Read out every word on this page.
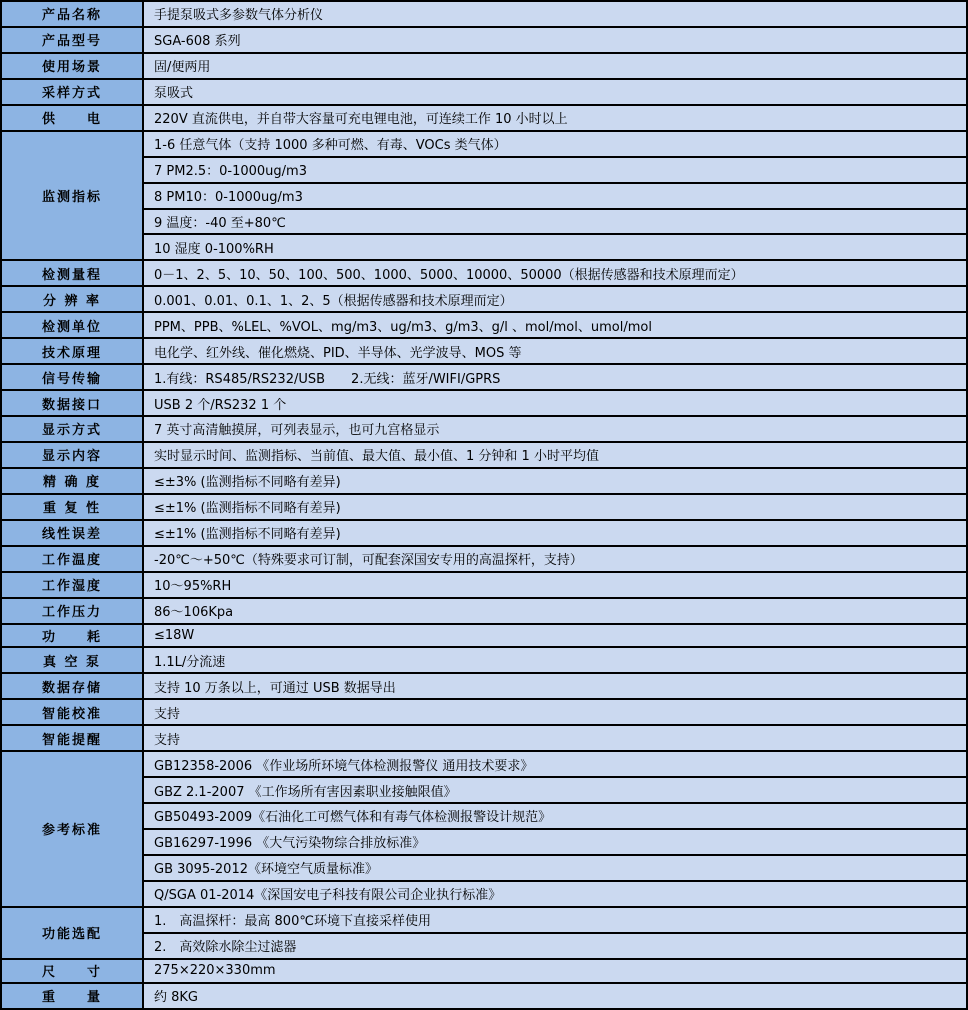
产品名称	手提泵吸式多参数气体分析仪
产品型号	SGA-608 系列
使用场景	固/便两用
采样方式	泵吸式
供　　电	220V 直流供电，并自带大容量可充电锂电池，可连续工作 10 小时以上
监测指标	1-6 任意气体（支持 1000 多种可燃、有毒、VOCs 类气体）
	7 PM2.5：0-1000ug/m3
	8 PM10：0-1000ug/m3
	9 温度：-40 至+80℃
	10 湿度 0-100%RH
检测量程	0－1、2、5、10、50、100、500、1000、5000、10000、50000（根据传感器和技术原理而定）
分 辨 率	0.001、0.01、0.1、1、2、5（根据传感器和技术原理而定）
检测单位	PPM、PPB、%LEL、%VOL、mg/m3、ug/m3、g/m3、g/l 、mol/mol、umol/mol
技术原理	电化学、红外线、催化燃烧、PID、半导体、光学波导、MOS 等
信号传输	1.有线：RS485/RS232/USB　　2.无线：蓝牙/WIFI/GPRS
数据接口	USB 2 个/RS232 1 个
显示方式	7 英寸高清触摸屏，可列表显示，也可九宫格显示
显示内容	实时显示时间、监测指标、当前值、最大值、最小值、1 分钟和 1 小时平均值
精 确 度	≤±3% (监测指标不同略有差异)
重 复 性	≤±1% (监测指标不同略有差异)
线性误差	≤±1% (监测指标不同略有差异)
工作温度	-20℃～+50℃（特殊要求可订制，可配套深国安专用的高温探杆，支持）
工作湿度	10～95%RH
工作压力	86～106Kpa
功　　耗	≤18W
真 空 泵	1.1L/分流速
数据存储	支持 10 万条以上，可通过 USB 数据导出
智能校准	支持
智能提醒	支持
参考标准	GB12358-2006 《作业场所环境气体检测报警仪 通用技术要求》
	GBZ 2.1-2007 《工作场所有害因素职业接触限值》
	GB50493-2009《石油化工可燃气体和有毒气体检测报警设计规范》
	GB16297-1996 《大气污染物综合排放标准》
	GB 3095-2012《环境空气质量标准》
	Q/SGA 01-2014《深国安电子科技有限公司企业执行标准》
功能选配	1.　高温探杆：最高 800℃环境下直接采样使用
	2.　高效除水除尘过滤器
尺　　寸	275×220×330mm
重　　量	约 8KG
